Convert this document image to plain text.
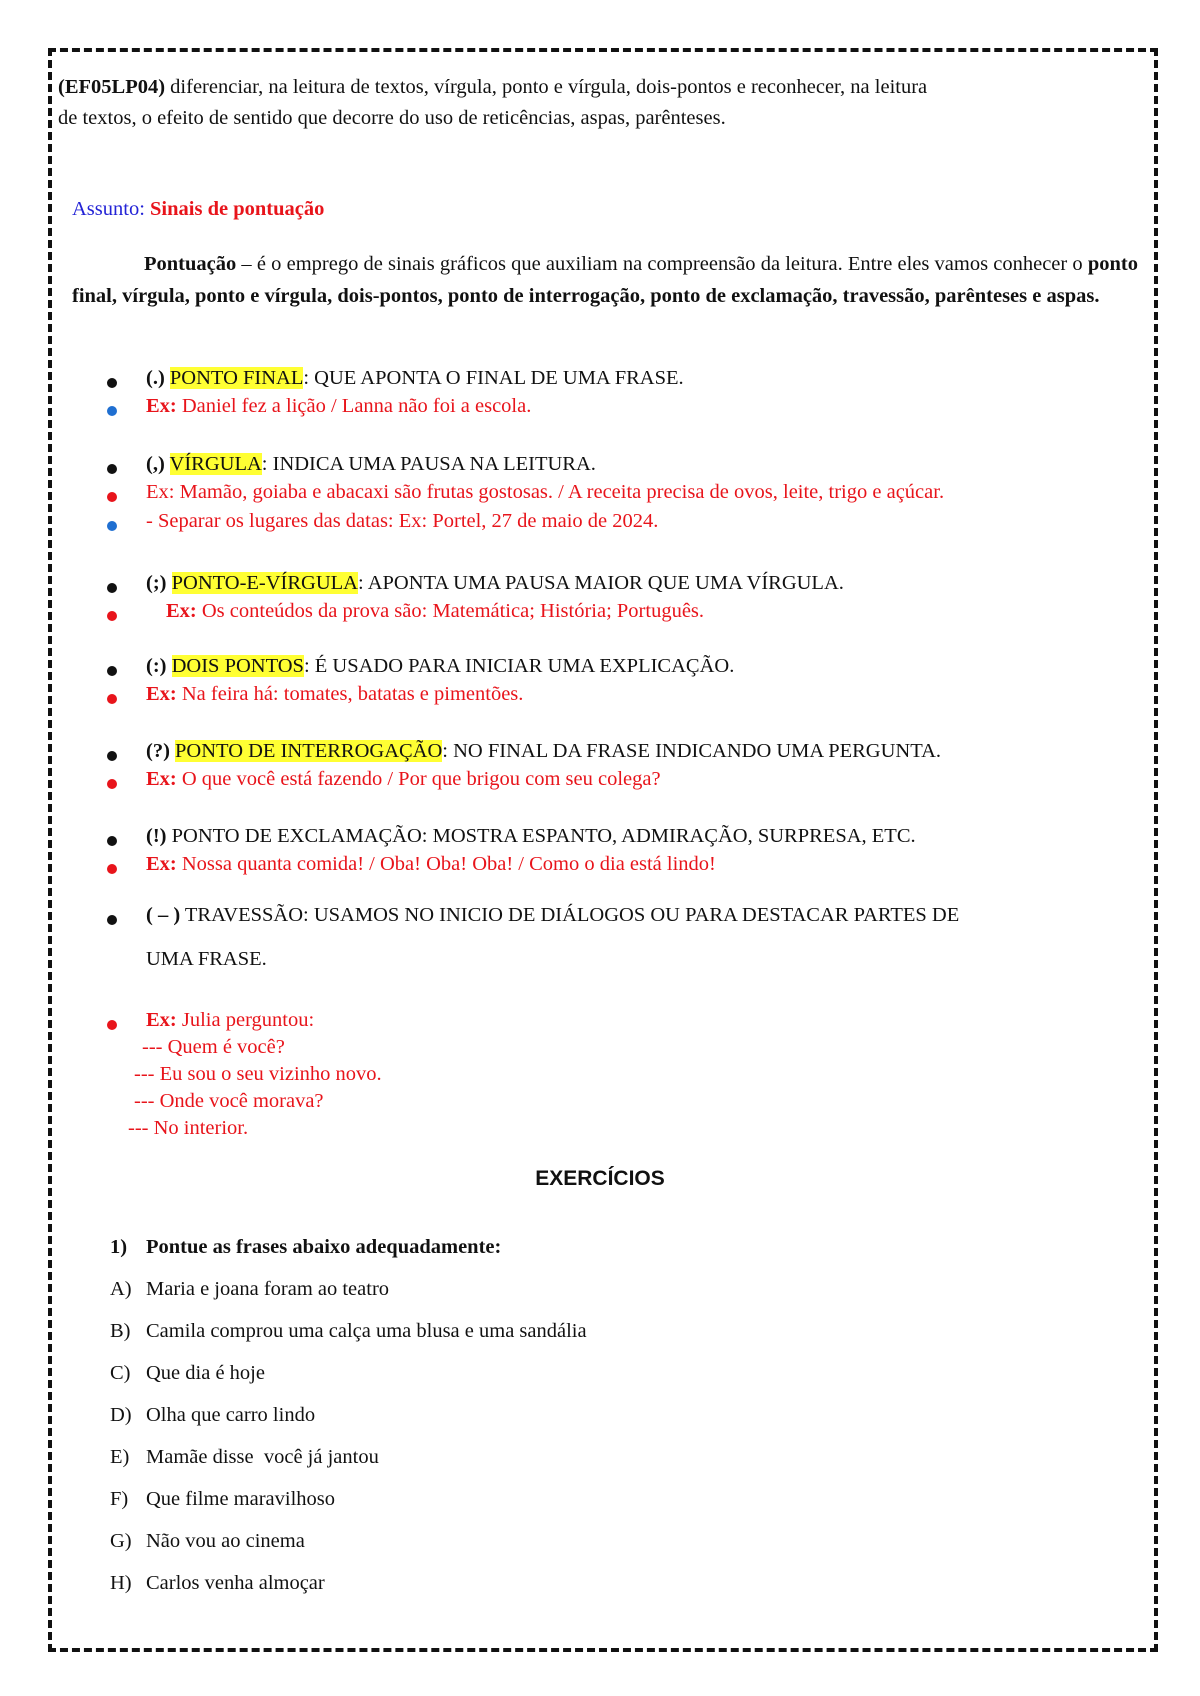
(EF05LP04) diferenciar, na leitura de textos, vírgula, ponto e vírgula, dois-pontos e reconhecer, na leitura
de textos, o efeito de sentido que decorre do uso de reticências, aspas, parênteses.
Assunto: Sinais de pontuação
Pontuação – é o emprego de sinais gráficos que auxiliam na compreensão da leitura. Entre eles vamos conhecer o ponto final, vírgula, ponto e vírgula, dois-pontos, ponto de interrogação, ponto de exclamação, travessão, parênteses e aspas.
(.) PONTO FINAL: QUE APONTA O FINAL DE UMA FRASE.
Ex: Daniel fez a lição / Lanna não foi a escola.
(,) VÍRGULA: INDICA UMA PAUSA NA LEITURA.
Ex: Mamão, goiaba e abacaxi são frutas gostosas. / A receita precisa de ovos, leite, trigo e açúcar.
- Separar os lugares das datas: Ex: Portel, 27 de maio de 2024.
(;) PONTO-E-VÍRGULA: APONTA UMA PAUSA MAIOR QUE UMA VÍRGULA.
Ex: Os conteúdos da prova são: Matemática; História; Português.
(:) DOIS PONTOS: É USADO PARA INICIAR UMA EXPLICAÇÃO.
Ex: Na feira há: tomates, batatas e pimentões.
(?) PONTO DE INTERROGAÇÃO: NO FINAL DA FRASE INDICANDO UMA PERGUNTA.
Ex: O que você está fazendo / Por que brigou com seu colega?
(!) PONTO DE EXCLAMAÇÃO: MOSTRA ESPANTO, ADMIRAÇÃO, SURPRESA, ETC.
Ex: Nossa quanta comida! / Oba! Oba! Oba! / Como o dia está lindo!
( – ) TRAVESSÃO: USAMOS NO INICIO DE DIÁLOGOS OU PARA DESTACAR PARTES DE
UMA FRASE.
Ex: Julia perguntou:
--- Quem é você?
--- Eu sou o seu vizinho novo.
--- Onde você morava?
--- No interior.
EXERCÍCIOS
1) Pontue as frases abaixo adequadamente:
A) Maria e joana foram ao teatro
B) Camila comprou uma calça uma blusa e uma sandália
C) Que dia é hoje
D) Olha que carro lindo
E) Mamãe disse  você já jantou
F) Que filme maravilhoso
G) Não vou ao cinema
H) Carlos venha almoçar
